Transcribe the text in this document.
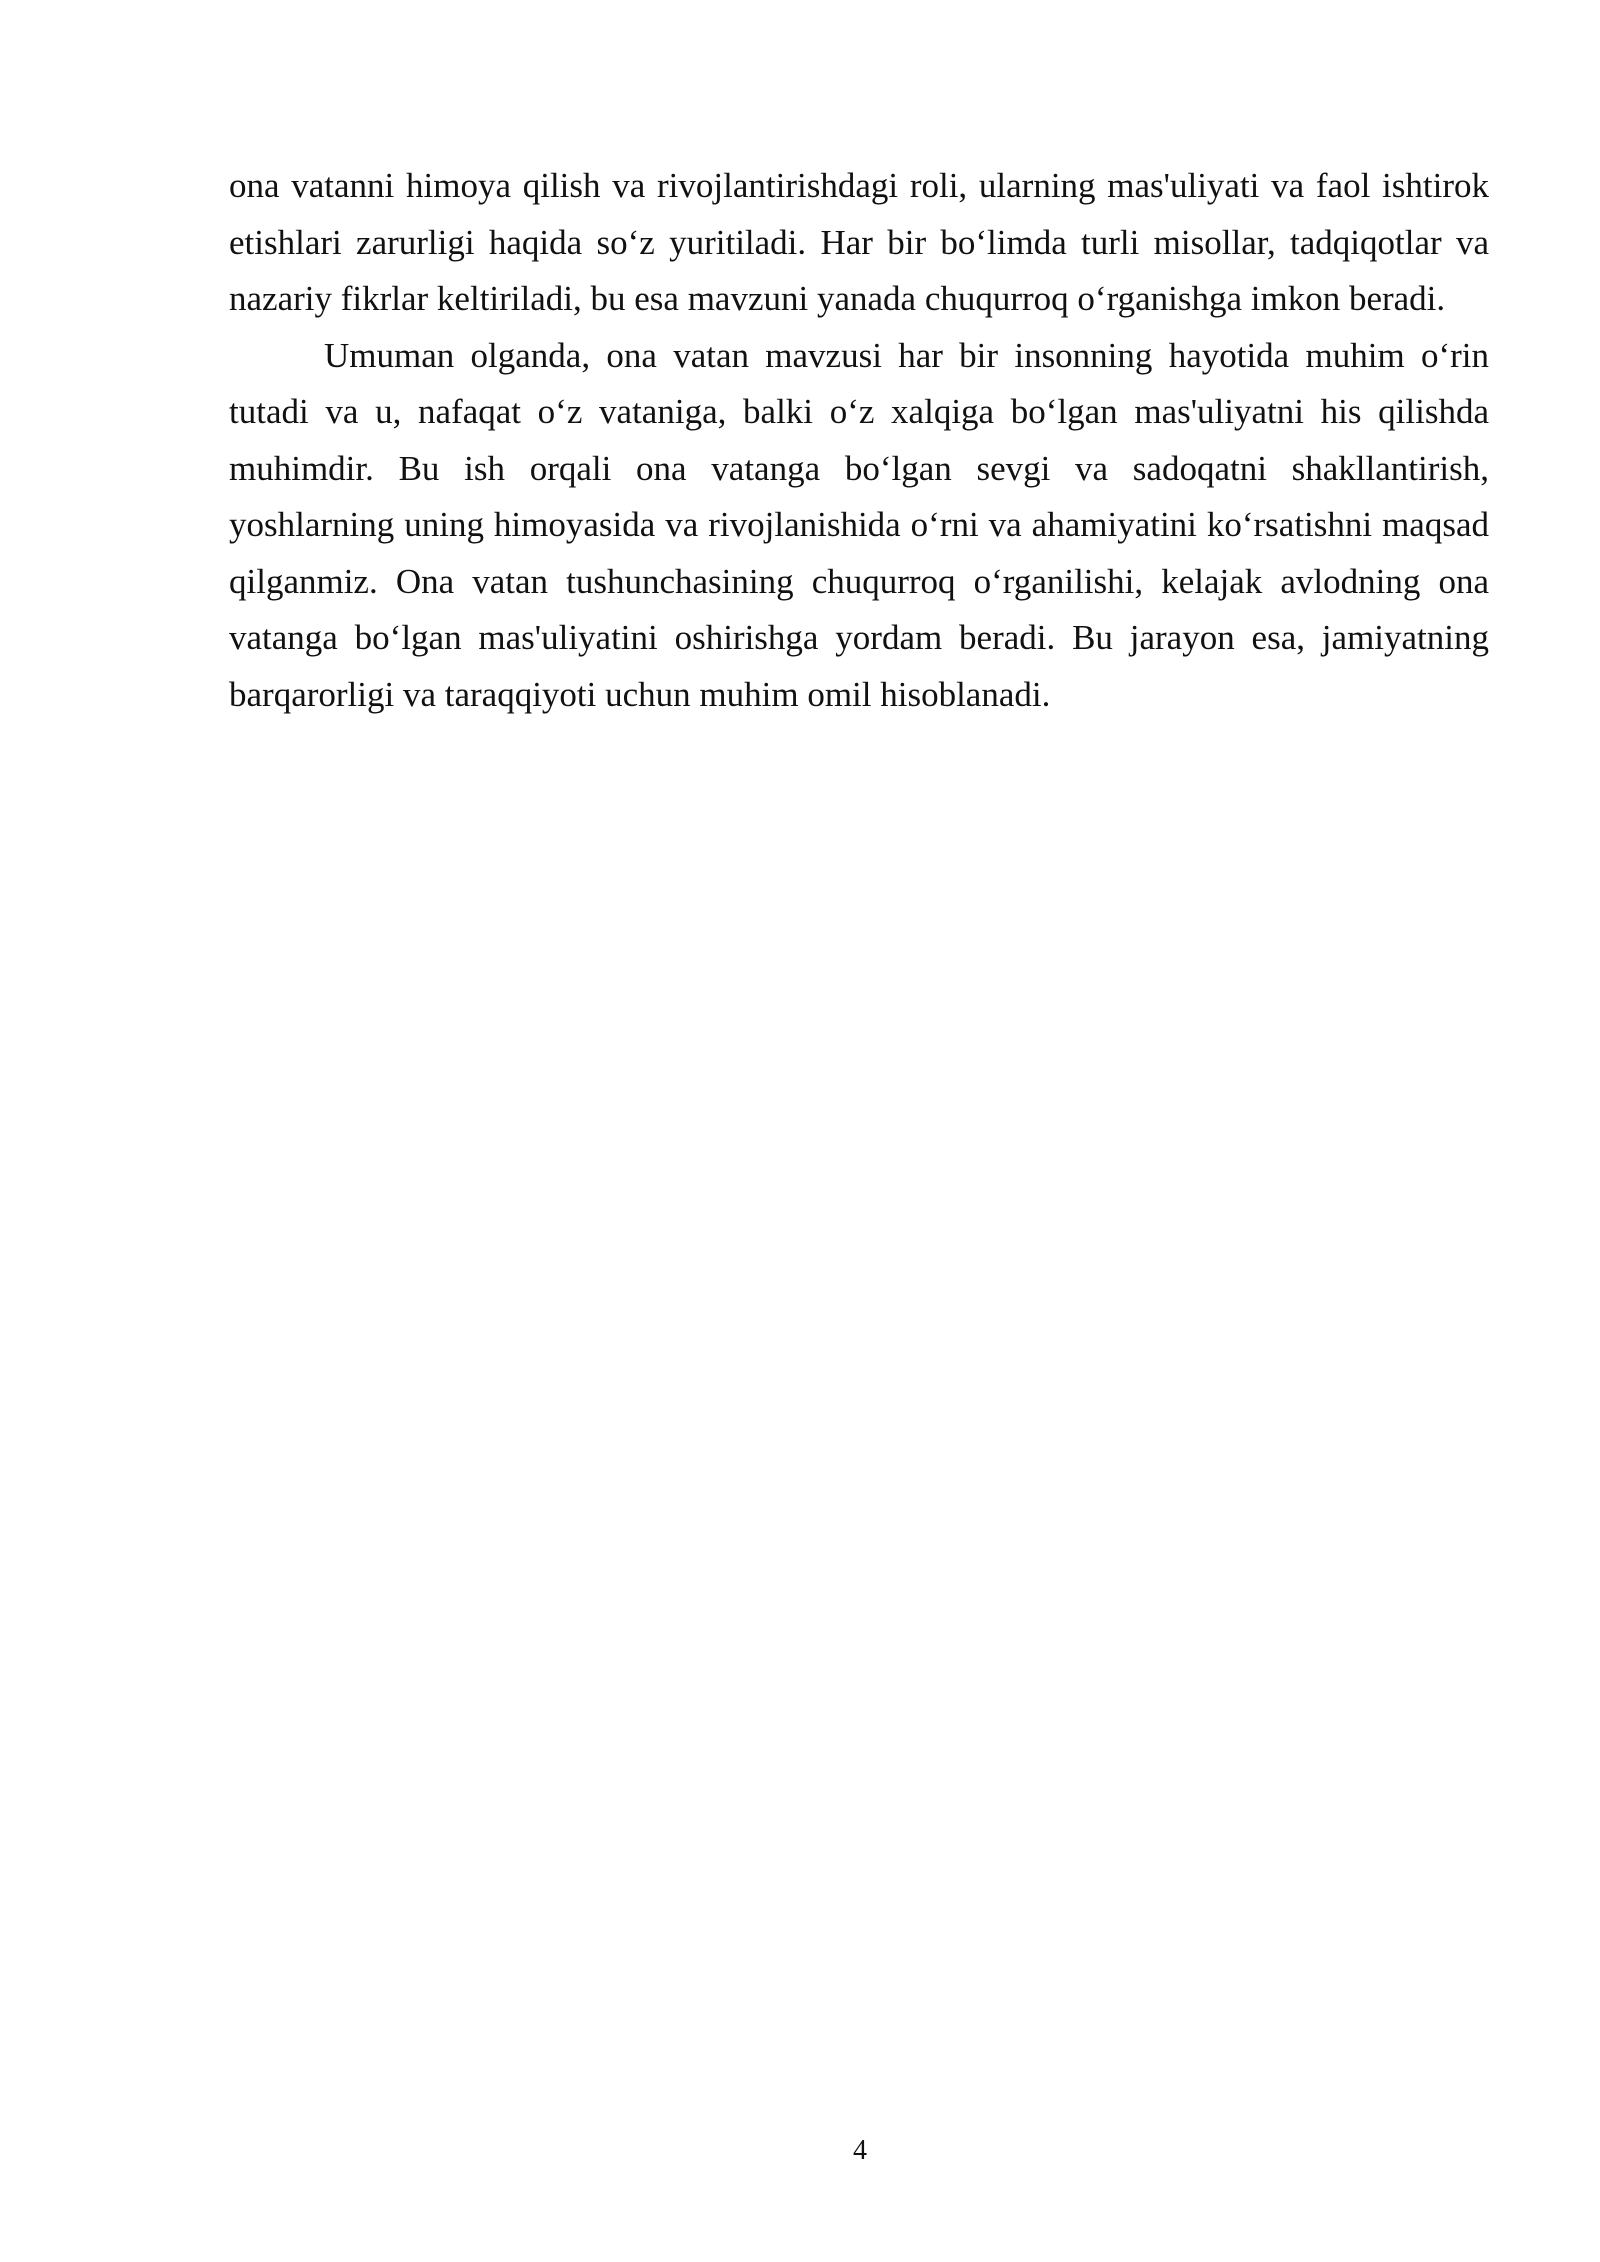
ona vatanni himoya qilish va rivojlantirishdagi roli, ularning mas'uliyati va faol ishtirok etishlari zarurligi haqida soʻz yuritiladi. Har bir boʻlimda turli misollar, tadqiqotlar va nazariy fikrlar keltiriladi, bu esa mavzuni yanada chuqurroq oʻrganishga imkon beradi.

Umuman olganda, ona vatan mavzusi har bir insonning hayotida muhim oʻrin tutadi va u, nafaqat oʻz vataniga, balki oʻz xalqiga boʻlgan mas'uliyatni his qilishda muhimdir. Bu ish orqali ona vatanga boʻlgan sevgi va sadoqatni shakllantirish, yoshlarning uning himoyasida va rivojlanishida oʻrni va ahamiyatini koʻrsatishni maqsad qilganmiz. Ona vatan tushunchasining chuqurroq oʻrganilishi, kelajak avlodning ona vatanga boʻlgan mas'uliyatini oshirishga yordam beradi. Bu jarayon esa, jamiyatning barqarorligi va taraqqiyoti uchun muhim omil hisoblanadi.

4
